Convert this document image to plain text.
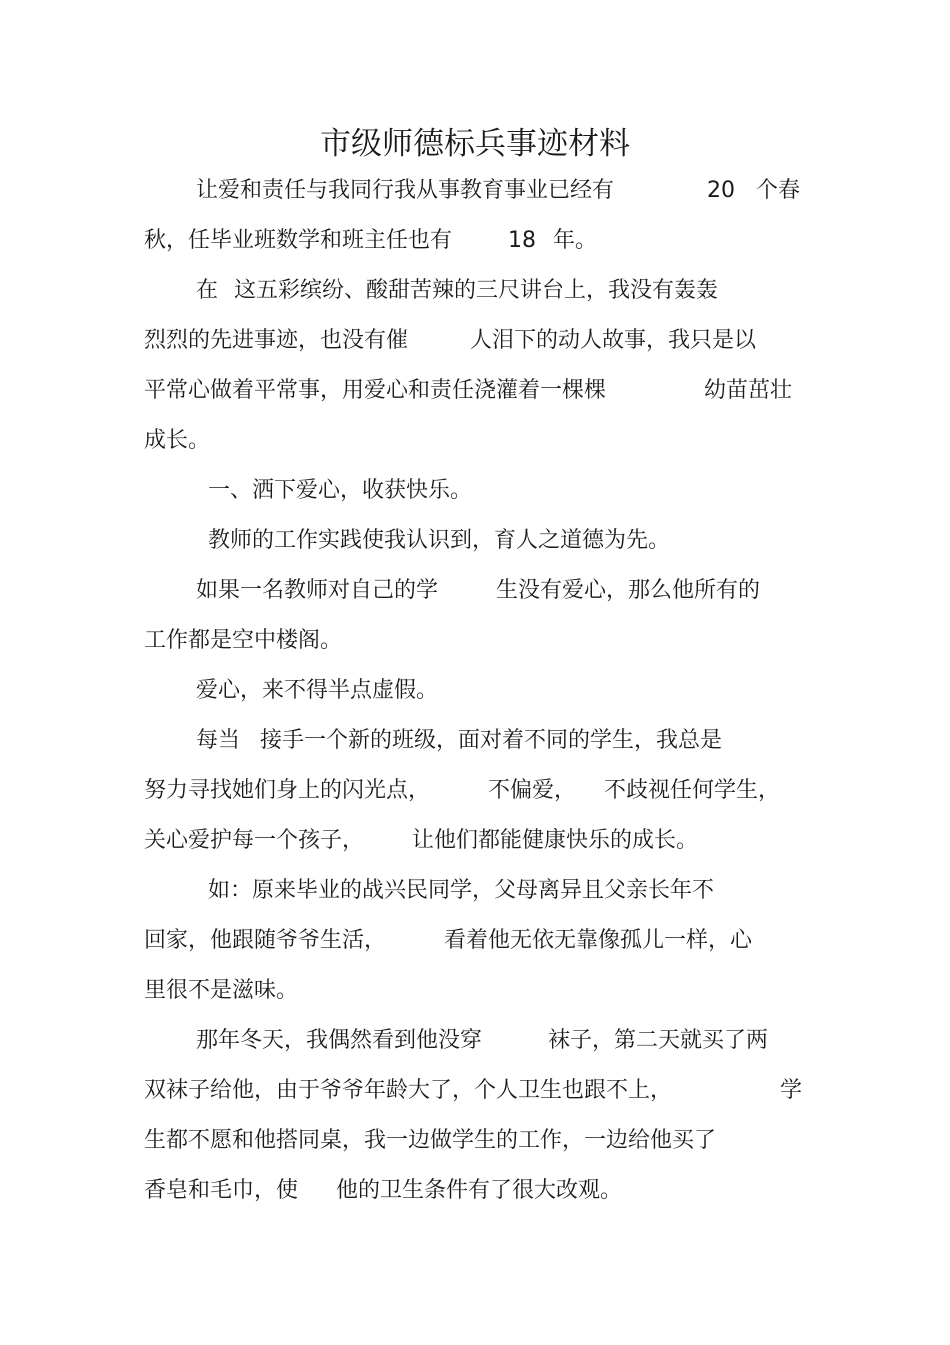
市级师德标兵事迹材料
让爱和责任与我同行我从事教育事业已经有	20 个春
秋，任毕业班数学和班主任也有	18 年。
在 这五彩缤纷、酸甜苦辣的三尺讲台上，我没有轰轰
烈烈的先进事迹，也没有催	人泪下的动人故事，我只是以
平常心做着平常事，用爱心和责任浇灌着一棵棵	幼苗茁壮
成长。
一、洒下爱心，收获快乐。
教师的工作实践使我认识到，育人之道德为先。
如果一名教师对自己的学	生没有爱心，那么他所有的
工作都是空中楼阁。
爱心，来不得半点虚假。
每当 接手一个新的班级，面对着不同的学生，我总是
努力寻找她们身上的闪光点，	不偏爱， 不歧视任何学生，
关心爱护每一个孩子， 让他们都能健康快乐的成长。
如：原来毕业的战兴民同学，父母离异且父亲长年不
回家，他跟随爷爷生活，	看着他无依无靠像孤儿一样，心
里很不是滋味。
那年冬天，我偶然看到他没穿	袜子，第二天就买了两
双袜子给他，由于爷爷年龄大了，个人卫生也跟不上，	学
生都不愿和他搭同桌，我一边做学生的工作，一边给他买了
香皂和毛巾，使 他的卫生条件有了很大改观。
